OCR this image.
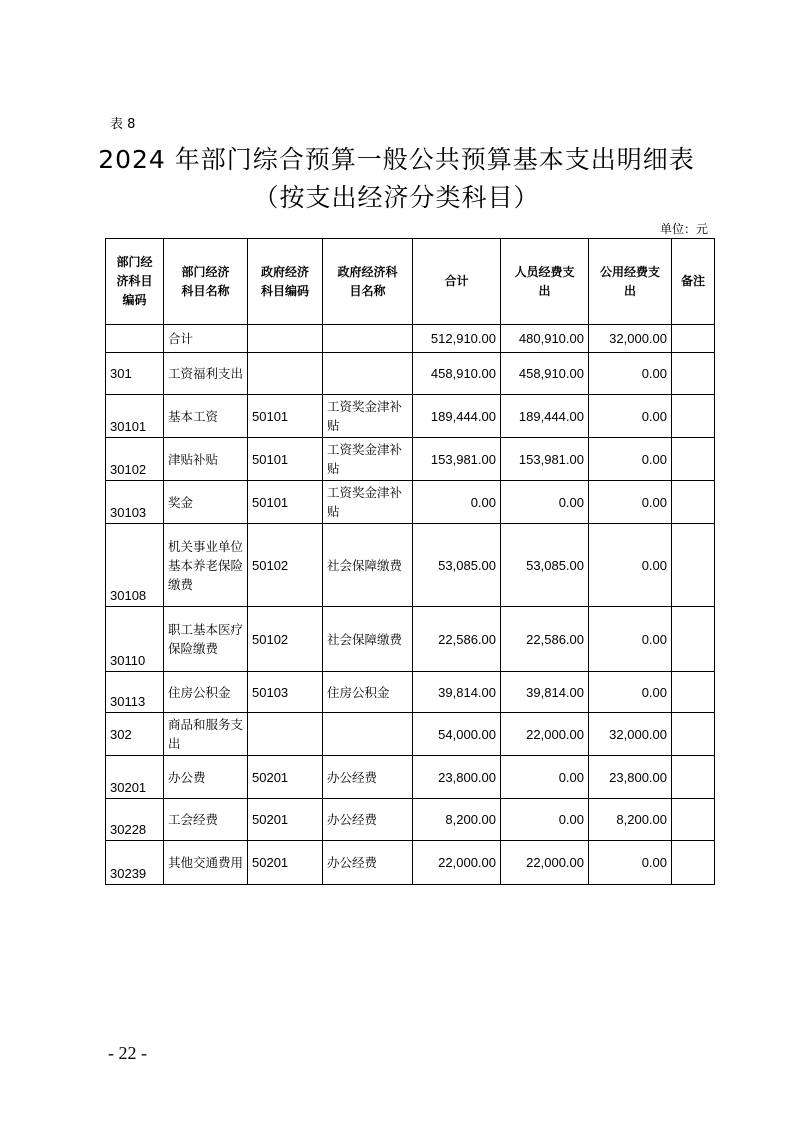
表 8
2024 年部门综合预算一般公共预算基本支出明细表
（按支出经济分类科目）
单位：元
部门经济科目编码	部门经济科目名称	政府经济科目编码	政府经济科目名称	合计	人员经费支出	公用经费支出	备注
	合计			512,910.00	480,910.00	32,000.00	
301	工资福利支出			458,910.00	458,910.00	0.00	
30101	基本工资	50101	工资奖金津补贴	189,444.00	189,444.00	0.00	
30102	津贴补贴	50101	工资奖金津补贴	153,981.00	153,981.00	0.00	
30103	奖金	50101	工资奖金津补贴	0.00	0.00	0.00	
30108	机关事业单位基本养老保险缴费	50102	社会保障缴费	53,085.00	53,085.00	0.00	
30110	职工基本医疗保险缴费	50102	社会保障缴费	22,586.00	22,586.00	0.00	
30113	住房公积金	50103	住房公积金	39,814.00	39,814.00	0.00	
302	商品和服务支出			54,000.00	22,000.00	32,000.00	
30201	办公费	50201	办公经费	23,800.00	0.00	23,800.00	
30228	工会经费	50201	办公经费	8,200.00	0.00	8,200.00	
30239	其他交通费用	50201	办公经费	22,000.00	22,000.00	0.00	
- 22 -
